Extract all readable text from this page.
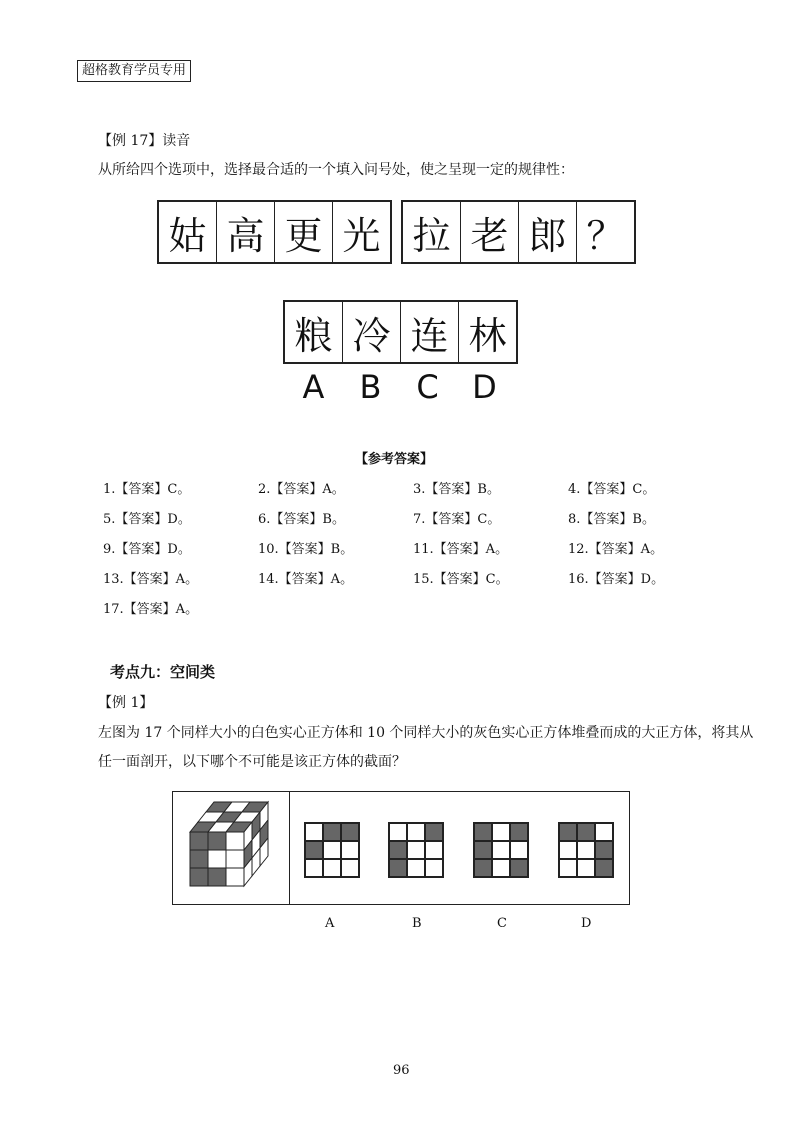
超格教育学员专用
【例 17】读音
从所给四个选项中，选择最合适的一个填入问号处，使之呈现一定的规律性：
姑 高 更 光 拉 老 郎 ？
粮 冷 连 林
A	B	C	D
【参考答案】
1.【答案】C。	2.【答案】A。	3.【答案】B。	4.【答案】C。
5.【答案】D。	6.【答案】B。	7.【答案】C。	8.【答案】B。
9.【答案】D。	10.【答案】B。	11.【答案】A。	12.【答案】A。
13.【答案】A。	14.【答案】A。	15.【答案】C。	16.【答案】D。
17.【答案】A。
考点九：空间类
【例 1】
左图为 17 个同样大小的白色实心正方体和 10 个同样大小的灰色实心正方体堆叠而成的大正方体，将其从
任一面剖开，以下哪个不可能是该正方体的截面？
A	B	C	D
96
